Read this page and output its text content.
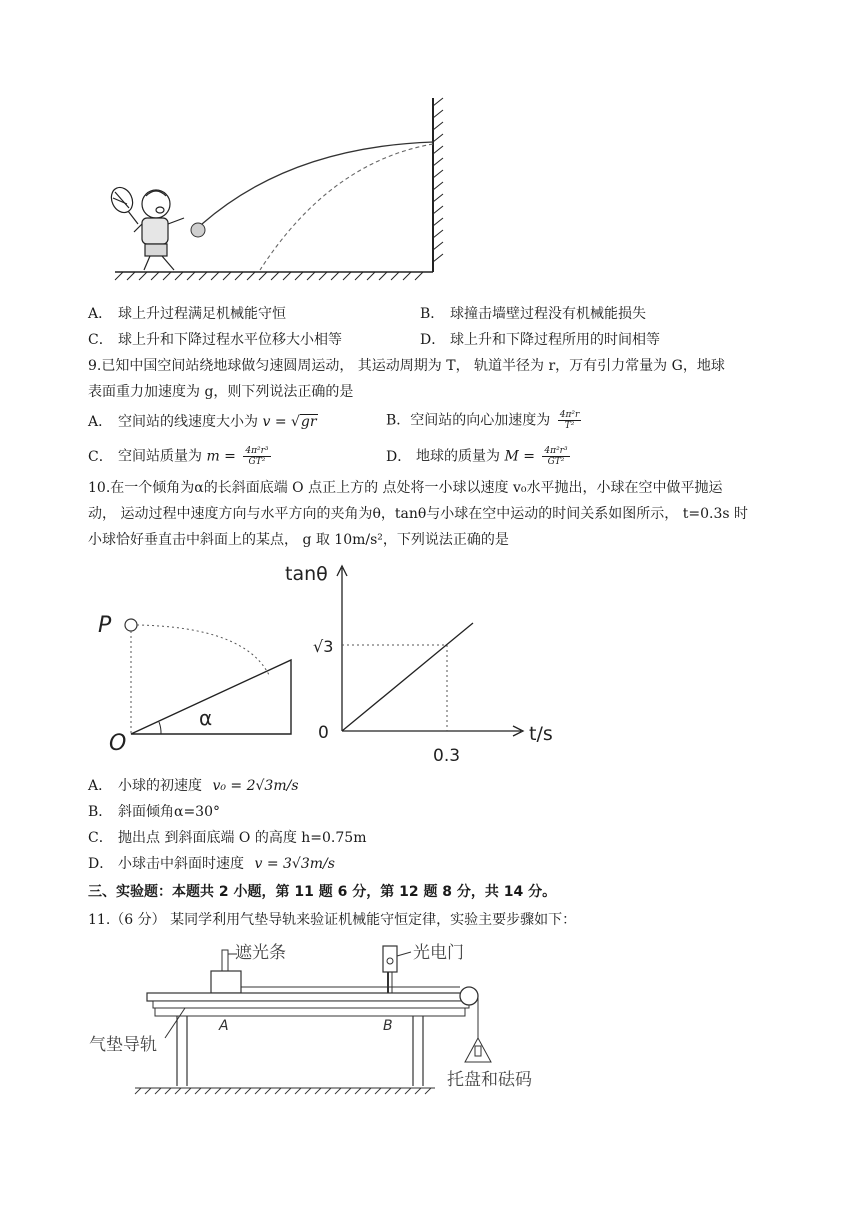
A． 球上升过程满足机械能守恒	B． 球撞击墙壁过程没有机械能损失
C． 球上升和下降过程水平位移大小相等	D． 球上升和下降过程所用的时间相等
9.已知中国空间站绕地球做匀速圆周运动， 其运动周期为 T， 轨道半径为 r，万有引力常量为 G，地球
表面重力加速度为 g，则下列说法正确的是
A． 空间站的线速度大小为 v = √gr	B．空间站的向心加速度为 $\frac{\text{4π²r}}{\text{T²}}$
C． 空间站质量为 $m = \frac{\text{4π²r³}}{\text{GT²}}$	D． 地球的质量为 $M = \frac{\text{4π²r³}}{\text{GT²}}$
10.在一个倾角为α的长斜面底端 O 点正上方的 点处将一小球以速度 v₀水平抛出，小球在空中做平抛运
动， 运动过程中速度方向与水平方向的夹角为θ，tanθ与小球在空中运动的时间关系如图所示， t=0.3s 时
小球恰好垂直击中斜面上的某点， g 取 10m/s²，下列说法正确的是
P
α
O
tanθ
t/s
0
√3
0.3
A． 小球的初速度 v₀ = 2√3m/s
B． 斜面倾角α=30°
C． 抛出点 到斜面底端 O 的高度 h=0.75m
D． 小球击中斜面时速度 v = 3√3m/s
三、实验题：本题共 2 小题，第 11 题 6 分，第 12 题 8 分，共 14 分。
11.（6 分） 某同学利用气垫导轨来验证机械能守恒定律，实验主要步骤如下：
遮光条	光电门
托盘和砝码
气垫导轨
A	B
